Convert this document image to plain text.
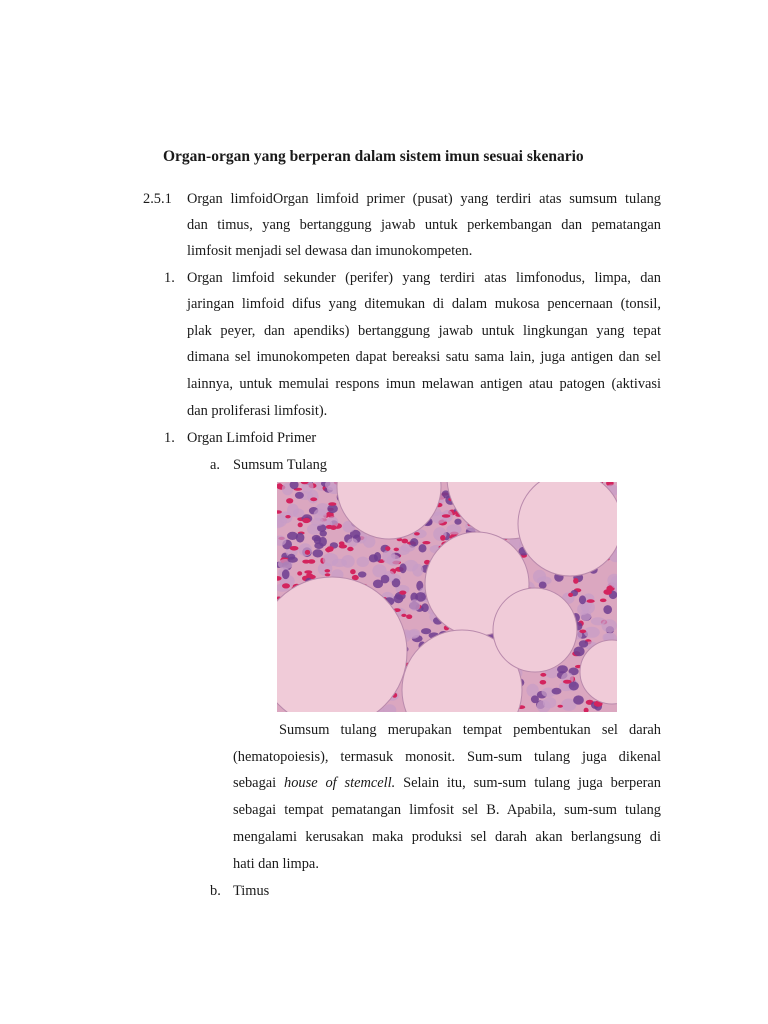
Organ-organ yang berperan dalam sistem imun sesuai skenario
2.5.1 Organ limfoidOrgan limfoid primer (pusat) yang terdiri atas sumsum tulang
dan timus, yang bertanggung jawab untuk perkembangan dan pematangan
limfosit menjadi sel dewasa dan imunokompeten.
1. Organ limfoid sekunder (perifer) yang terdiri atas limfonodus, limpa, dan
jaringan limfoid difus yang ditemukan di dalam mukosa pencernaan (tonsil,
plak peyer, dan apendiks) bertanggung jawab untuk lingkungan yang tepat
dimana sel imunokompeten dapat bereaksi satu sama lain, juga antigen dan sel
lainnya, untuk memulai respons imun melawan antigen atau patogen (aktivasi
dan proliferasi limfosit).
1. Organ Limfoid Primer
a. Sumsum Tulang
Sumsum tulang merupakan tempat pembentukan sel darah
(hematopoiesis), termasuk monosit. Sum-sum tulang juga dikenal
sebagai house of stemcell. Selain itu, sum-sum tulang juga berperan
sebagai tempat pematangan limfosit sel B. Apabila, sum-sum tulang
mengalami kerusakan maka produksi sel darah akan berlangsung di
hati dan limpa.
b. Timus
